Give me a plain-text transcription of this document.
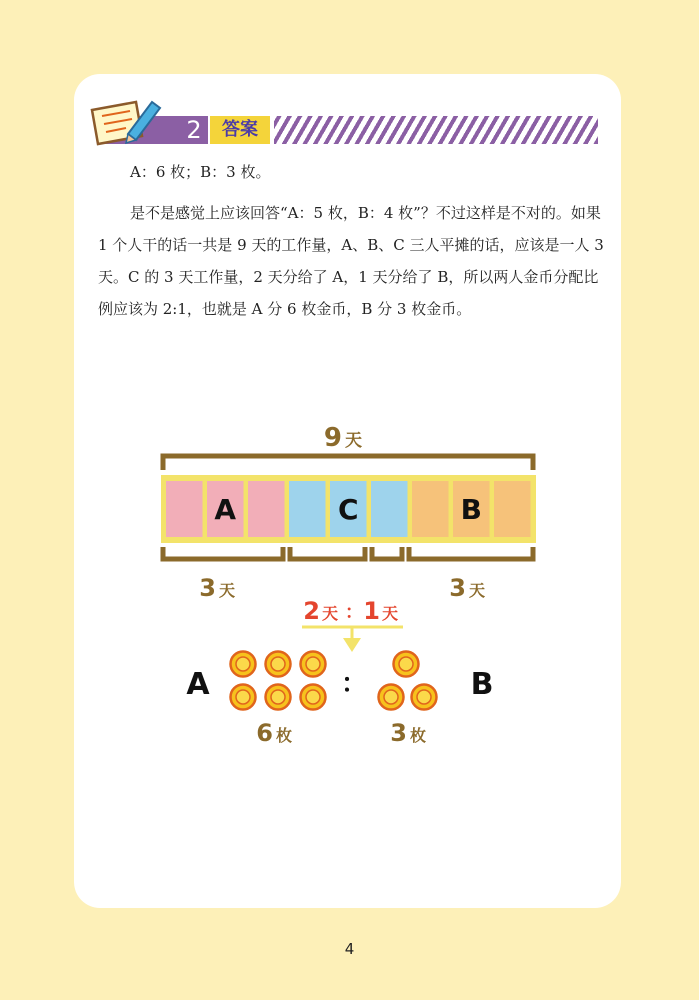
2	答案
A：6 枚；B：3 枚。
是不是感觉上应该回答“A：5 枚，B：4 枚”？不过这样是不对的。如果 1 个人干的话一共是 9 天的工作量，A、B、C 三人平摊的话，应该是一人 3 天。C 的 3 天工作量，2 天分给了 A，1 天分给了 B，所以两人金币分配比例应该为 2:1，也就是 A 分 6 枚金币，B 分 3 枚金币。
9 天
A	C	B
3 天	3 天
2 天 ： 1 天
A	B
：
6 枚	3 枚
4
